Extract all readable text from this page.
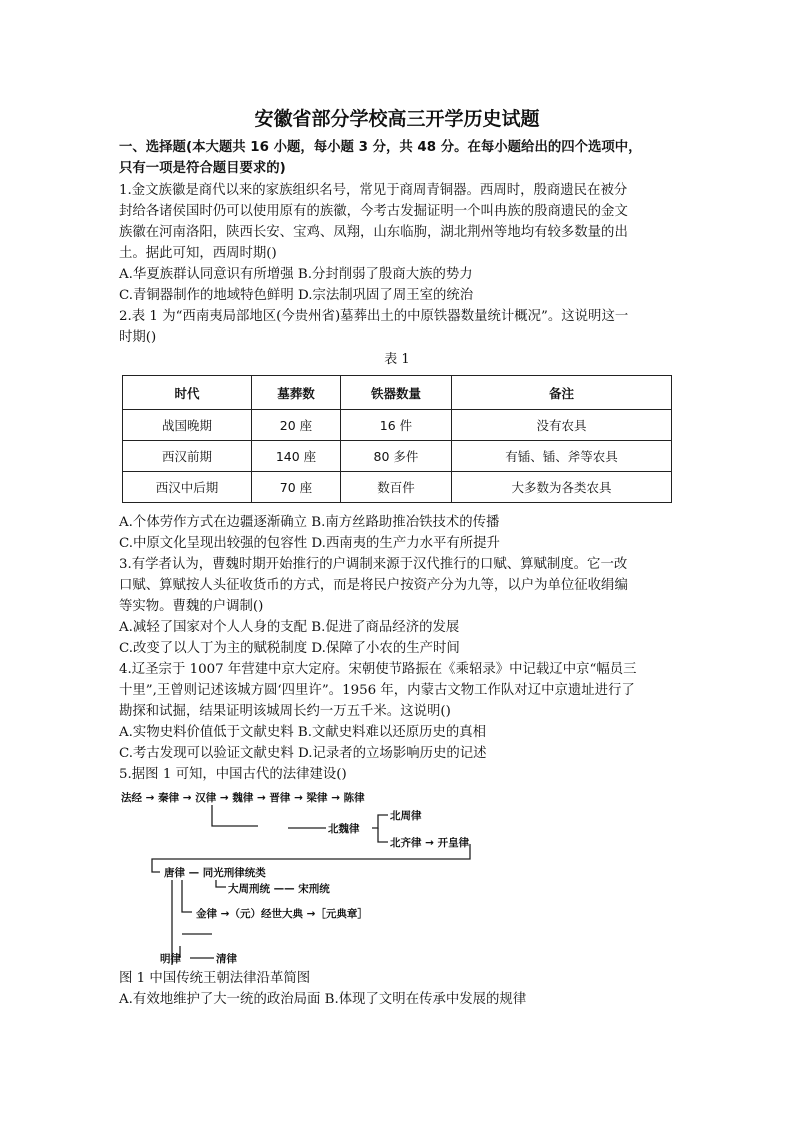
安徽省部分学校高三开学历史试题
一、选择题(本大题共 16 小题，每小题 3 分，共 48 分。在每小题给出的四个选项中，
只有一项是符合题目要求的)
1.金文族徽是商代以来的家族组织名号，常见于商周青铜器。西周时，殷商遗民在被分
封给各诸侯国时仍可以使用原有的族徽，今考古发掘证明一个叫冉族的殷商遗民的金文
族徽在河南洛阳，陕西长安、宝鸡、凤翔，山东临朐，湖北荆州等地均有较多数量的出
土。据此可知，西周时期()
A.华夏族群认同意识有所增强 B.分封削弱了殷商大族的势力
C.青铜器制作的地域特色鲜明 D.宗法制巩固了周王室的统治
2.表 1 为“西南夷局部地区(今贵州省)墓葬出土的中原铁器数量统计概况”。这说明这一
时期()
表 1
时代	墓葬数	铁器数量	备注
战国晚期	20 座	16 件	没有农具
西汉前期	140 座	80 多件	有锸、锸、斧等农具
西汉中后期	70 座	数百件	大多数为各类农具
A.个体劳作方式在边疆逐渐确立 B.南方丝路助推冶铁技术的传播
C.中原文化呈现出较强的包容性 D.西南夷的生产力水平有所提升
3.有学者认为，曹魏时期开始推行的户调制来源于汉代推行的口赋、算赋制度。它一改
口赋、算赋按人头征收货币的方式，而是将民户按资产分为九等，以户为单位征收绢编
等实物。曹魏的户调制()
A.减轻了国家对个人人身的支配 B.促进了商品经济的发展
C.改变了以人丁为主的赋税制度 D.保障了小农的生产时间
4.辽圣宗于 1007 年营建中京大定府。宋朝使节路振在《乘轺录》中记载辽中京“幅员三
十里”,王曾则记述该城方圆‘四里许”。1956 年，内蒙古文物工作队对辽中京遗址进行了
勘探和试掘，结果证明该城周长约一万五千米。这说明()
A.实物史料价值低于文献史料 B.文献史料难以还原历史的真相
C.考古发现可以验证文献史料 D.记录者的立场影响历史的记述
5.据图 1 可知，中国古代的法律建设()
法经 → 秦律 → 汉律 → 魏律 → 晋律 → 梁律 → 陈律
北魏律
北周律
北齐律 → 开皇律
唐律 — 同光刑律统类
大周刑统 —— 宋刑统
金律 →（元）经世大典 →［元典章］
明律	清律
图 1 中国传统王朝法律沿革简图
A.有效地维护了大一统的政治局面 B.体现了文明在传承中发展的规律
